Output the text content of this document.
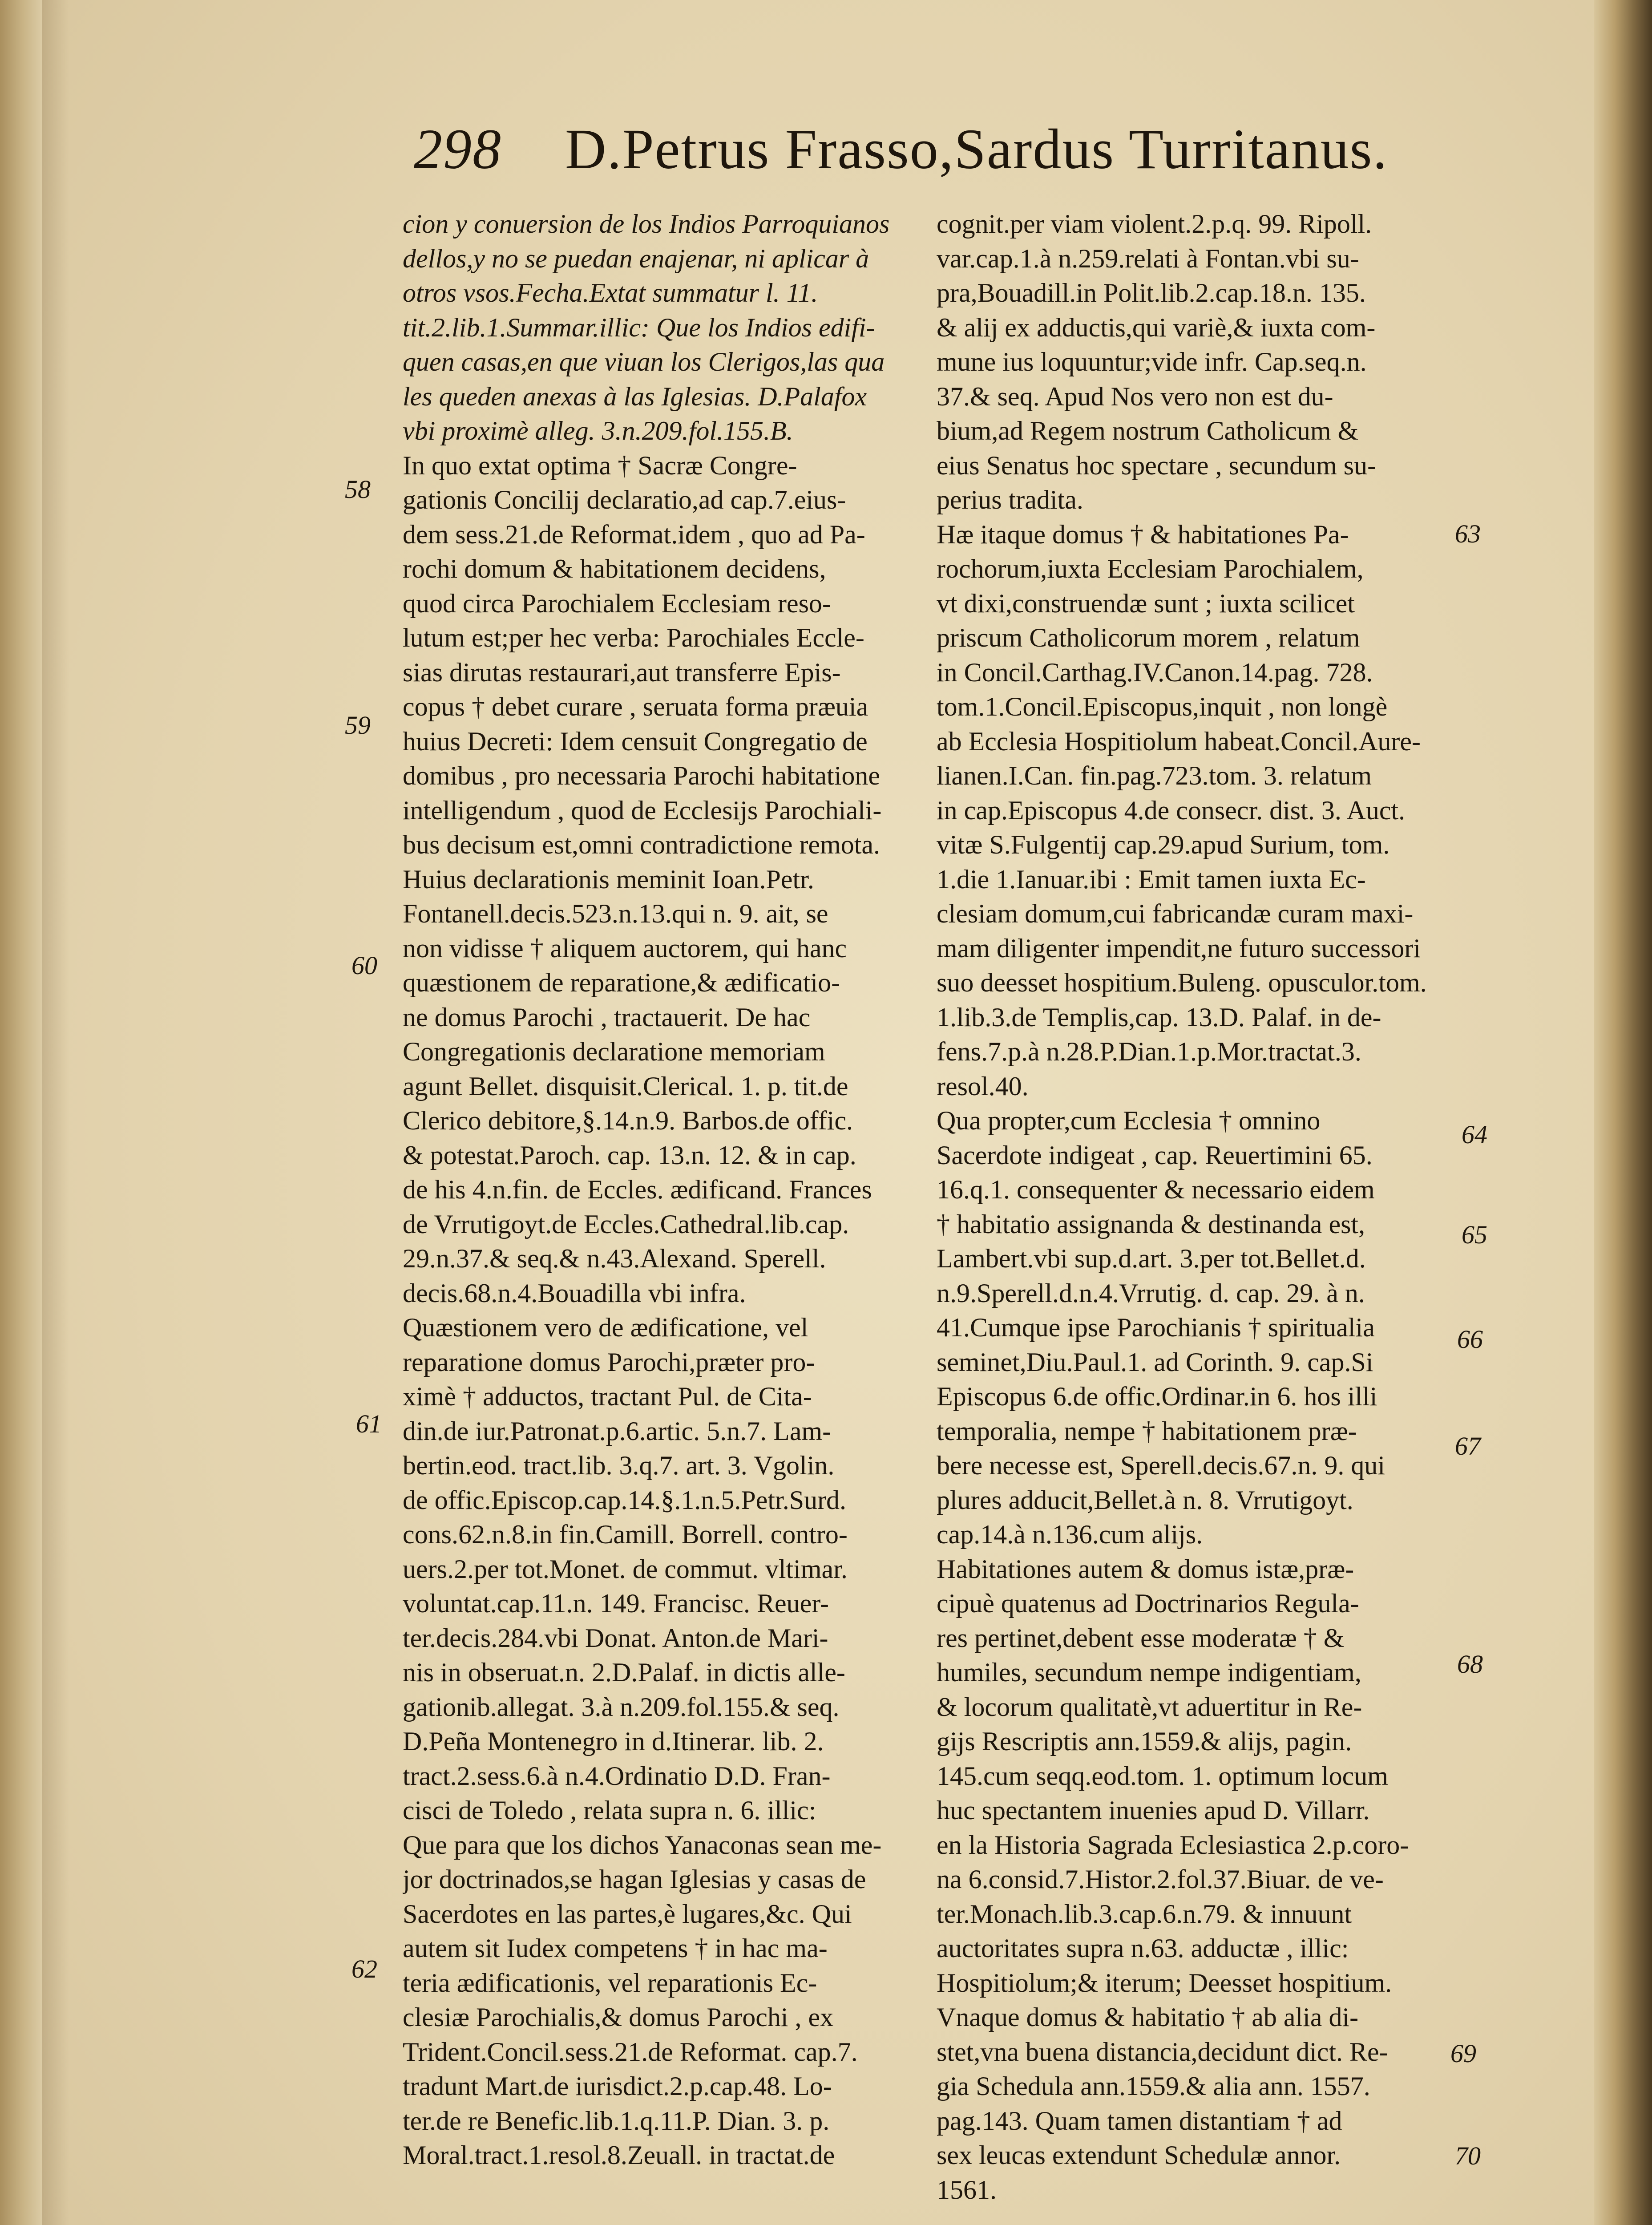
298 D.Petrus Frasso,Sardus Turritanus.

cion y conuersion de los Indios Parroquianos

dellos,y no se puedan enajenar, ni aplicar à

otros vsos.Fecha.Extat summatur l. 11.

tit.2.lib.1.Summar.illic: Que los Indios edifi-

quen casas,en que viuan los Clerigos,las qua

les queden anexas à las Iglesias. D.Palafox

vbi proximè alleg. 3.n.209.fol.155.B.

In quo extat optima † Sacræ Congre-

gationis Concilij declaratio,ad cap.7.eius-

dem sess.21.de Reformat.idem , quo ad Pa-

rochi domum & habitationem decidens,

quod circa Parochialem Ecclesiam reso-

lutum est;per hec verba: Parochiales Eccle-

sias dirutas restaurari,aut transferre Epis-

copus † debet curare , seruata forma præuia

huius Decreti: Idem censuit Congregatio de

domibus , pro necessaria Parochi habitatione

intelligendum , quod de Ecclesijs Parochiali-

bus decisum est,omni contradictione remota.

Huius declarationis meminit Ioan.Petr.

Fontanell.decis.523.n.13.qui n. 9. ait, se

non vidisse † aliquem auctorem, qui hanc

quæstionem de reparatione,& ædificatio-

ne domus Parochi , tractauerit. De hac

Congregationis declaratione memoriam

agunt Bellet. disquisit.Clerical. 1. p. tit.de

Clerico debitore,§.14.n.9. Barbos.de offic.

& potestat.Paroch. cap. 13.n. 12. & in cap.

de his 4.n.fin. de Eccles. ædificand. Frances

de Vrrutigoyt.de Eccles.Cathedral.lib.cap.

29.n.37.& seq.& n.43.Alexand. Sperell.

decis.68.n.4.Bouadilla vbi infra.

Quæstionem vero de ædificatione, vel

reparatione domus Parochi,præter pro-

ximè † adductos, tractant Pul. de Cita-

din.de iur.Patronat.p.6.artic. 5.n.7. Lam-

bertin.eod. tract.lib. 3.q.7. art. 3. Vgolin.

de offic.Episcop.cap.14.§.1.n.5.Petr.Surd.

cons.62.n.8.in fin.Camill. Borrell. contro-

uers.2.per tot.Monet. de commut. vltimar.

voluntat.cap.11.n. 149. Francisc. Reuer-

ter.decis.284.vbi Donat. Anton.de Mari-

nis in obseruat.n. 2.D.Palaf. in dictis alle-

gationib.allegat. 3.à n.209.fol.155.& seq.

D.Peña Montenegro in d.Itinerar. lib. 2.

tract.2.sess.6.à n.4.Ordinatio D.D. Fran-

cisci de Toledo , relata supra n. 6. illic:

Que para que los dichos Yanaconas sean me-

jor doctrinados,se hagan Iglesias y casas de

Sacerdotes en las partes,è lugares,&c. Qui

autem sit Iudex competens † in hac ma-

teria ædificationis, vel reparationis Ec-

clesiæ Parochialis,& domus Parochi , ex

Trident.Concil.sess.21.de Reformat. cap.7.

tradunt Mart.de iurisdict.2.p.cap.48. Lo-

ter.de re Benefic.lib.1.q.11.P. Dian. 3. p.

Moral.tract.1.resol.8.Zeuall. in tractat.de

cognit.per viam violent.2.p.q. 99. Ripoll.

var.cap.1.à n.259.relati à Fontan.vbi su-

pra,Bouadill.in Polit.lib.2.cap.18.n. 135.

& alij ex adductis,qui variè,& iuxta com-

mune ius loquuntur;vide infr. Cap.seq.n.

37.& seq. Apud Nos vero non est du-

bium,ad Regem nostrum Catholicum &

eius Senatus hoc spectare , secundum su-

perius tradita.

Hæ itaque domus † & habitationes Pa-

rochorum,iuxta Ecclesiam Parochialem,

vt dixi,construendæ sunt ; iuxta scilicet

priscum Catholicorum morem , relatum

in Concil.Carthag.IV.Canon.14.pag. 728.

tom.1.Concil.Episcopus,inquit , non longè

ab Ecclesia Hospitiolum habeat.Concil.Aure-

lianen.I.Can. fin.pag.723.tom. 3. relatum

in cap.Episcopus 4.de consecr. dist. 3. Auct.

vitæ S.Fulgentij cap.29.apud Surium, tom.

1.die 1.Ianuar.ibi : Emit tamen iuxta Ec-

clesiam domum,cui fabricandæ curam maxi-

mam diligenter impendit,ne futuro successori

suo deesset hospitium.Buleng. opusculor.tom.

1.lib.3.de Templis,cap. 13.D. Palaf. in de-

fens.7.p.à n.28.P.Dian.1.p.Mor.tractat.3.

resol.40.

Qua propter,cum Ecclesia † omnino

Sacerdote indigeat , cap. Reuertimini 65.

16.q.1. consequenter & necessario eidem

† habitatio assignanda & destinanda est,

Lambert.vbi sup.d.art. 3.per tot.Bellet.d.

n.9.Sperell.d.n.4.Vrrutig. d. cap. 29. à n.

41.Cumque ipse Parochianis † spiritualia

seminet,Diu.Paul.1. ad Corinth. 9. cap.Si

Episcopus 6.de offic.Ordinar.in 6. hos illi

temporalia, nempe † habitationem præ-

bere necesse est, Sperell.decis.67.n. 9. qui

plures adducit,Bellet.à n. 8. Vrrutigoyt.

cap.14.à n.136.cum alijs.

Habitationes autem & domus istæ,præ-

cipuè quatenus ad Doctrinarios Regula-

res pertinet,debent esse moderatæ † &

humiles, secundum nempe indigentiam,

& locorum qualitatè,vt aduertitur in Re-

gijs Rescriptis ann.1559.& alijs, pagin.

145.cum seqq.eod.tom. 1. optimum locum

huc spectantem inuenies apud D. Villarr.

en la Historia Sagrada Eclesiastica 2.p.coro-

na 6.consid.7.Histor.2.fol.37.Biuar. de ve-

ter.Monach.lib.3.cap.6.n.79. & innuunt

auctoritates supra n.63. adductæ , illic:

Hospitiolum;& iterum; Deesset hospitium.

Vnaque domus & habitatio † ab alia di-

stet,vna buena distancia,decidunt dict. Re-

gia Schedula ann.1559.& alia ann. 1557.

pag.143. Quam tamen distantiam † ad

sex leucas extendunt Schedulæ annor.

1561.

58
59
60
61
62
63
64
65
66
67
68
69
70
